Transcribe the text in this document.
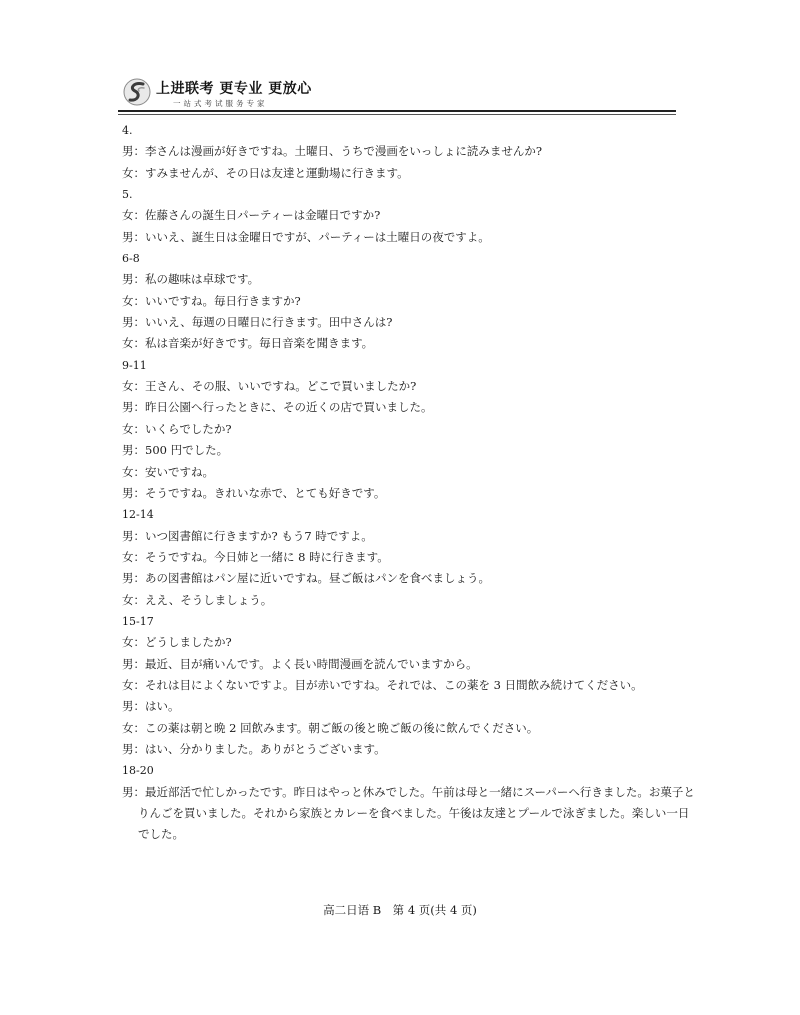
上进联考 更专业 更放心
一站式考试服务专家
4.
男：李さんは漫画が好きですね。土曜日、うちで漫画をいっしょに読みませんか?
女：すみませんが、その日は友達と運動場に行きます。
5.
女：佐藤さんの誕生日パーティーは金曜日ですか?
男：いいえ、誕生日は金曜日ですが、パーティーは土曜日の夜ですよ。
6-8
男：私の趣味は卓球です。
女：いいですね。毎日行きますか?
男：いいえ、毎週の日曜日に行きます。田中さんは?
女：私は音楽が好きです。毎日音楽を聞きます。
9-11
女：王さん、その服、いいですね。どこで買いましたか?
男：昨日公園へ行ったときに、その近くの店で買いました。
女：いくらでしたか?
男：500 円でした。
女：安いですね。
男：そうですね。きれいな赤で、とても好きです。
12-14
男：いつ図書館に行きますか? もう7 時ですよ。
女：そうですね。今日姉と一緒に 8 時に行きます。
男：あの図書館はパン屋に近いですね。昼ご飯はパンを食べましょう。
女：ええ、そうしましょう。
15-17
女：どうしましたか?
男：最近、目が痛いんです。よく長い時間漫画を読んでいますから。
女：それは目によくないですよ。目が赤いですね。それでは、この薬を 3 日間飲み続けてください。
男：はい。
女：この薬は朝と晩 2 回飲みます。朝ご飯の後と晩ご飯の後に飲んでください。
男：はい、分かりました。ありがとうございます。
18-20
男：最近部活で忙しかったです。昨日はやっと休みでした。午前は母と一緒にスーパーへ行きました。お菓子と
りんごを買いました。それから家族とカレーを食べました。午後は友達とプールで泳ぎました。楽しい一日
でした。
高二日语 B　第 4 页(共 4 页)
